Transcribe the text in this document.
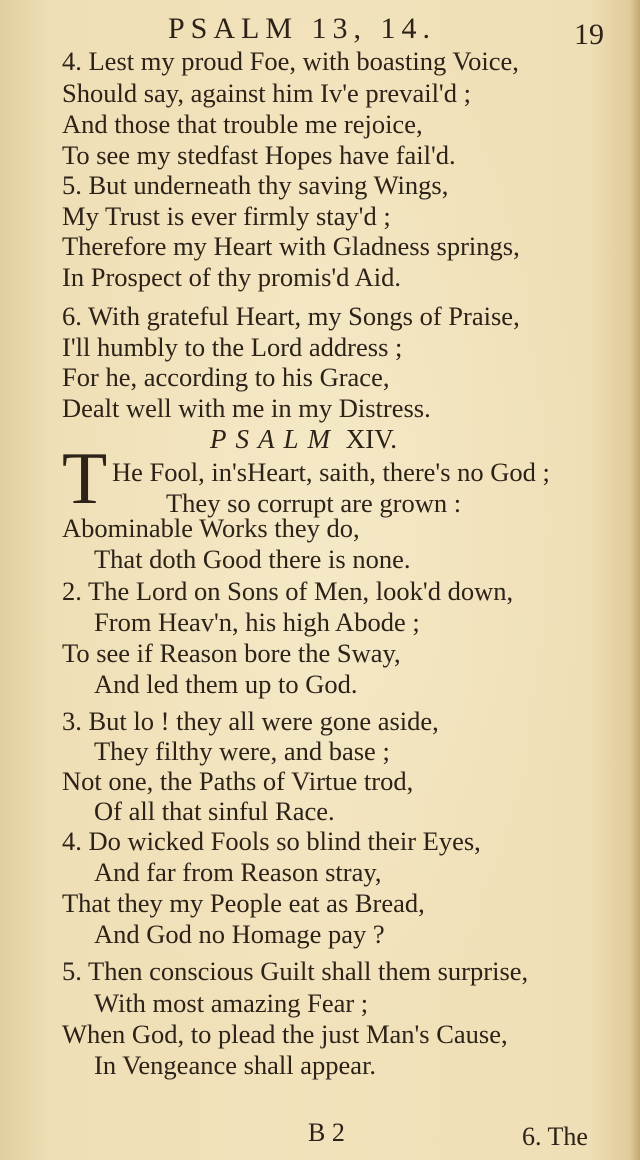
PSALM 13, 14.	19
4. Lest my proud Foe, with boasting Voice,
Should say, against him Iv'e prevail'd ;
And those that trouble me rejoice,
To see my stedfast Hopes have fail'd.
5. But underneath thy saving Wings,
My Trust is ever firmly stay'd ;
Therefore my Heart with Gladness springs,
In Prospect of thy promis'd Aid.
6. With grateful Heart, my Songs of Praise,
I'll humbly to the Lord address ;
For he, according to his Grace,
Dealt well with me in my Distress.
PSALM XIV.
T He Fool, in'sHeart, saith, there's no God ;
They so corrupt are grown :
Abominable Works they do,
That doth Good there is none.
2. The Lord on Sons of Men, look'd down,
From Heav'n, his high Abode ;
To see if Reason bore the Sway,
And led them up to God.
3. But lo ! they all were gone aside,
They filthy were, and base ;
Not one, the Paths of Virtue trod,
Of all that sinful Race.
4. Do wicked Fools so blind their Eyes,
And far from Reason stray,
That they my People eat as Bread,
And God no Homage pay ?
5. Then conscious Guilt shall them surprise,
With most amazing Fear ;
When God, to plead the just Man's Cause,
In Vengeance shall appear.
B 2	6. The
